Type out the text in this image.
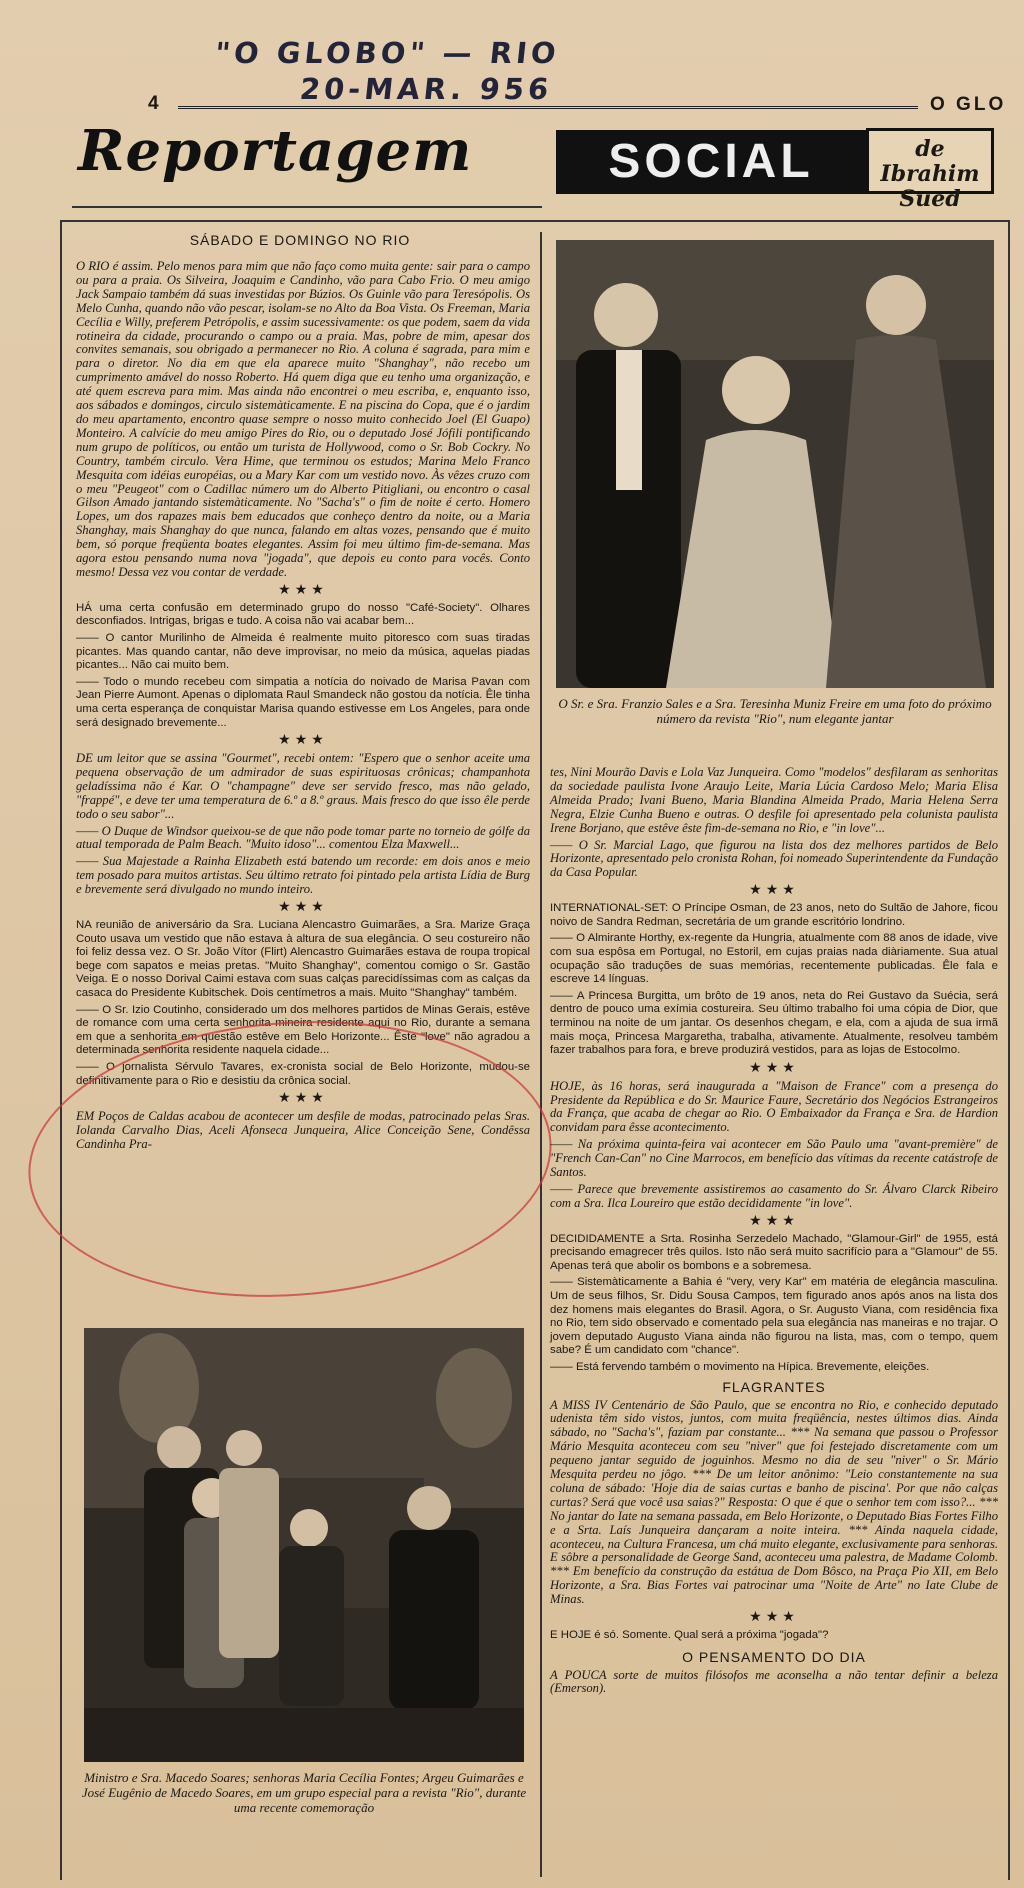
"O GLOBO" — RIO
20-MAR. 956
4	O GLO
Reportagem	SOCIAL	de Ibrahim Sued
SÁBADO E DOMINGO NO RIO

O RIO é assim. Pelo menos para mim que não faço como muita gente: sair para o campo ou para a praia. Os Silveira, Joaquim e Candinho, vão para Cabo Frio. O meu amigo Jack Sampaio também dá suas investidas por Búzios. Os Guinle vão para Teresópolis. Os Melo Cunha, quando não vão pescar, isolam-se no Alto da Boa Vista. Os Freeman, Maria Cecília e Willy, preferem Petrópolis, e assim sucessivamente: os que podem, saem da vida rotineira da cidade, procurando o campo ou a praia. Mas, pobre de mim, apesar dos convites semanais, sou obrigado a permanecer no Rio. A coluna é sagrada, para mim e para o diretor. No dia em que ela aparece muito "Shanghay", não recebo um cumprimento amável do nosso Roberto. Há quem diga que eu tenho uma organização, e até quem escreva para mim. Mas ainda não encontrei o meu escriba, e, enquanto isso, aos sábados e domingos, circulo sistemàticamente. E na piscina do Copa, que é o jardim do meu apartamento, encontro quase sempre o nosso muito conhecido Joel (El Guapo) Monteiro. A calvície do meu amigo Pires do Rio, ou o deputado José Jófili pontificando num grupo de políticos, ou então um turista de Hollywood, como o Sr. Bob Cockry. No Country, também circulo. Vera Hime, que terminou os estudos; Marina Melo Franco Mesquita com idéias européias, ou a Mary Kar com um vestido novo. Às vêzes cruzo com o meu "Peugeot" com o Cadillac número um do Alberto Pitigliani, ou encontro o casal Gilson Amado jantando sistemàticamente. No "Sacha's" o fim de noite é certo. Homero Lopes, um dos rapazes mais bem educados que conheço dentro da noite, ou a Maria Shanghay, mais Shanghay do que nunca, falando em altas vozes, pensando que é muito bem, só porque freqüenta boates elegantes. Assim foi meu último fim-de-semana. Mas agora estou pensando numa nova "jogada", que depois eu conto para vocês. Conto mesmo! Dessa vez vou contar de verdade.

★★★

HÁ uma certa confusão em determinado grupo do nosso "Café-Society". Olhares desconfiados. Intrigas, brigas e tudo. A coisa não vai acabar bem...

—— O cantor Murilinho de Almeida é realmente muito pitoresco com suas tiradas picantes. Mas quando cantar, não deve improvisar, no meio da música, aquelas piadas picantes... Não cai muito bem.

—— Todo o mundo recebeu com simpatia a notícia do noivado de Marisa Pavan com Jean Pierre Aumont. Apenas o diplomata Raul Smandeck não gostou da notícia. Êle tinha uma certa esperança de conquistar Marisa quando estivesse em Los Angeles, para onde será designado brevemente...

★★★

DE um leitor que se assina "Gourmet", recebi ontem: "Espero que o senhor aceite uma pequena observação de um admirador de suas espirituosas crônicas; champanhota geladíssima não é Kar. O "champagne" deve ser servido fresco, mas não gelado, "frappé", e deve ter uma temperatura de 6.º a 8.º graus. Mais fresco do que isso êle perde todo o seu sabor"...

—— O Duque de Windsor queixou-se de que não pode tomar parte no torneio de gólfe da atual temporada de Palm Beach. "Muito idoso"... comentou Elza Maxwell...

—— Sua Majestade a Rainha Elizabeth está batendo um recorde: em dois anos e meio tem posado para muitos artistas. Seu último retrato foi pintado pela artista Lídia de Burg e brevemente será divulgado no mundo inteiro.

★★★

NA reunião de aniversário da Sra. Luciana Alencastro Guimarães, a Sra. Marize Graça Couto usava um vestido que não estava à altura de sua elegância. O seu costureiro não foi feliz dessa vez. O Sr. João Vítor (Flirt) Alencastro Guimarães estava de roupa tropical bege com sapatos e meias pretas. "Muito Shanghay", comentou comigo o Sr. Gastão Veiga. E o nosso Dorival Caimi estava com suas calças parecidíssimas com as calças da casaca do Presidente Kubitschek. Dois centímetros a mais. Muito "Shanghay" também.

—— O Sr. Izio Coutinho, considerado um dos melhores partidos de Minas Gerais, estêve de romance com uma certa senhorita mineira residente aqui no Rio, durante a semana em que a senhorita em questão estêve em Belo Horizonte... Êste "love" não agradou a determinada senhorita residente naquela cidade...

—— O jornalista Sérvulo Tavares, ex-cronista social de Belo Horizonte, mudou-se definitivamente para o Rio e desistiu da crônica social.

★★★

EM Poços de Caldas acabou de acontecer um desfile de modas, patrocinado pelas Sras. Iolanda Carvalho Dias, Aceli Afonseca Junqueira, Alice Conceição Sene, Condêssa Candinha Pra-

Ministro e Sra. Macedo Soares; senhoras Maria Cecília Fontes; Argeu Guimarães e José Eugênio de Macedo Soares, em um grupo especial para a revista "Rio", durante uma recente comemoração
O Sr. e Sra. Franzio Sales e a Sra. Teresinha Muniz Freire em uma foto do próximo número da revista "Rio", num elegante jantar

tes, Nini Mourão Davis e Lola Vaz Junqueira. Como "modelos" desfilaram as senhoritas da sociedade paulista Ivone Araujo Leite, Maria Lúcia Cardoso Melo; Maria Elisa Almeida Prado; Ivani Bueno, Maria Blandina Almeida Prado, Maria Helena Serra Negra, Elzie Cunha Bueno e outras. O desfile foi apresentado pela colunista paulista Irene Borjano, que estêve êste fim-de-semana no Rio, e "in love"...

—— O Sr. Marcial Lago, que figurou na lista dos dez melhores partidos de Belo Horizonte, apresentado pelo cronista Rohan, foi nomeado Superintendente da Fundação da Casa Popular.

★★★

INTERNATIONAL-SET: O Príncipe Osman, de 23 anos, neto do Sultão de Jahore, ficou noivo de Sandra Redman, secretária de um grande escritório londrino.

—— O Almirante Horthy, ex-regente da Hungria, atualmente com 88 anos de idade, vive com sua espôsa em Portugal, no Estoril, em cujas praias nada diàriamente. Sua atual ocupação são traduções de suas memórias, recentemente publicadas. Êle fala e escreve 14 línguas.

—— A Princesa Burgitta, um brôto de 19 anos, neta do Rei Gustavo da Suécia, será dentro de pouco uma exímia costureira. Seu último trabalho foi uma cópia de Dior, que terminou na noite de um jantar. Os desenhos chegam, e ela, com a ajuda de sua irmã mais moça, Princesa Margaretha, trabalha, ativamente. Atualmente, resolveu também fazer trabalhos para fora, e breve produzirá vestidos, para as lojas de Estocolmo.

★★★

HOJE, às 16 horas, será inaugurada a "Maison de France" com a presença do Presidente da República e do Sr. Maurice Faure, Secretário dos Negócios Estrangeiros da França, que acaba de chegar ao Rio. O Embaixador da França e Sra. de Hardion convidam para êsse acontecimento.

—— Na próxima quinta-feira vai acontecer em São Paulo uma "avant-première" de "French Can-Can" no Cine Marrocos, em benefício das vítimas da recente catástrofe de Santos.

—— Parece que brevemente assistiremos ao casamento do Sr. Álvaro Clarck Ribeiro com a Sra. Ilca Loureiro que estão decididamente "in love".

★★★

DECIDIDAMENTE a Srta. Rosinha Serzedelo Machado, "Glamour-Girl" de 1955, está precisando emagrecer três quilos. Isto não será muito sacrifício para a "Glamour" de 55. Apenas terá que abolir os bombons e a sobremesa.

—— Sistemàticamente a Bahia é "very, very Kar" em matéria de elegância masculina. Um de seus filhos, Sr. Didu Sousa Campos, tem figurado anos após anos na lista dos dez homens mais elegantes do Brasil. Agora, o Sr. Augusto Viana, com residência fixa no Rio, tem sido observado e comentado pela sua elegância nas maneiras e no trajar. O jovem deputado Augusto Viana ainda não figurou na lista, mas, com o tempo, quem sabe? É um candidato com "chance".

—— Está fervendo também o movimento na Hípica. Brevemente, eleições.

FLAGRANTES

A MISS IV Centenário de São Paulo, que se encontra no Rio, e conhecido deputado udenista têm sido vistos, juntos, com muita freqüência, nestes últimos dias. Ainda sábado, no "Sacha's", faziam par constante... *** Na semana que passou o Professor Mário Mesquita aconteceu com seu "niver" que foi festejado discretamente com um pequeno jantar seguido de joguinhos. Mesmo no dia de seu "niver" o Sr. Mário Mesquita perdeu no jôgo. *** De um leitor anônimo: "Leio constantemente na sua coluna de sábado: 'Hoje dia de saias curtas e banho de piscina'. Por que não calças curtas? Será que você usa saias?" Resposta: O que é que o senhor tem com isso?... *** No jantar do Iate na semana passada, em Belo Horizonte, o Deputado Bias Fortes Filho e a Srta. Laís Junqueira dançaram a noite inteira. *** Ainda naquela cidade, aconteceu, na Cultura Francesa, um chá muito elegante, exclusivamente para senhoras. E sôbre a personalidade de George Sand, aconteceu uma palestra, de Madame Colomb. *** Em benefício da construção da estátua de Dom Bôsco, na Praça Pio XII, em Belo Horizonte, a Sra. Bias Fortes vai patrocinar uma "Noite de Arte" no Iate Clube de Minas.

★★★

E HOJE é só. Somente. Qual será a próxima "jogada"?

O PENSAMENTO DO DIA

A POUCA sorte de muitos filósofos me aconselha a não tentar definir a beleza (Emerson).
